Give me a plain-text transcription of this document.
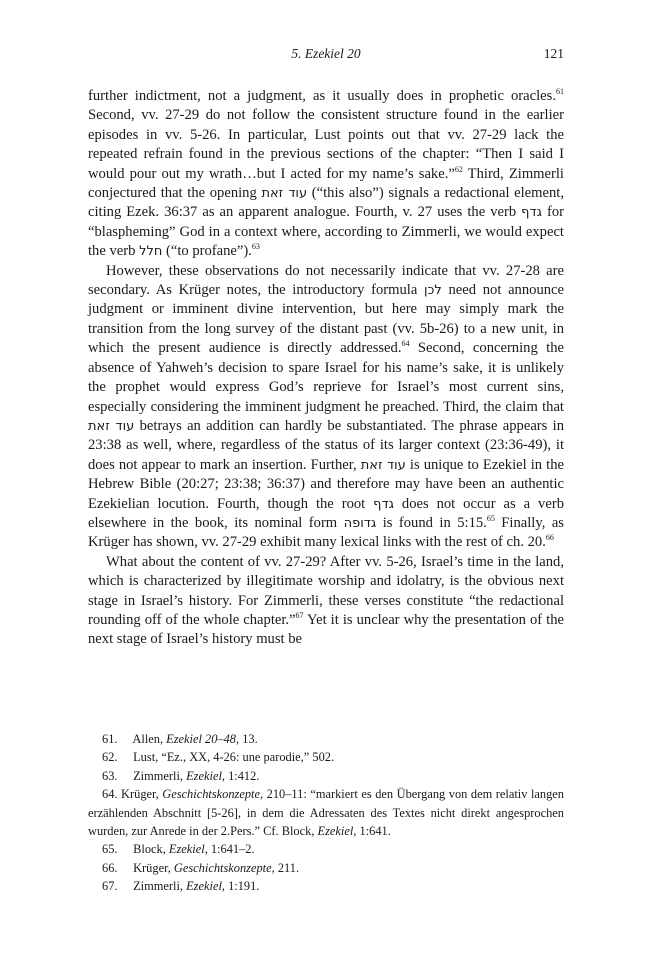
5. Ezekiel 20	121

further indictment, not a judgment, as it usually does in prophetic oracles.$^{61}$ Second, vv. 27-29 do not follow the consistent structure found in the earlier episodes in vv. 5-26. In particular, Lust points out that vv. 27-29 lack the repeated refrain found in the previous sections of the chapter: “Then I said I would pour out my wrath…but I acted for my name’s sake.”$^{62}$ Third, Zimmerli conjectured that the opening עוד זאת (“this also”) signals a redactional element, citing Ezek. 36:37 as an apparent analogue. Fourth, v. 27 uses the verb גדף for “blaspheming” God in a context where, according to Zimmerli, we would expect the verb חלל (“to profane”).$^{63}$

However, these observations do not necessarily indicate that vv. 27-28 are secondary. As Krüger notes, the introductory formula לכן need not announce judgment or imminent divine intervention, but here may simply mark the transition from the long survey of the distant past (vv. 5b-26) to a new unit, in which the present audience is directly addressed.$^{64}$ Second, concerning the absence of Yahweh’s decision to spare Israel for his name’s sake, it is unlikely the prophet would express God’s reprieve for Israel’s most current sins, especially considering the imminent judgment he preached. Third, the claim that עוד זאת betrays an addition can hardly be substantiated. The phrase appears in 23:38 as well, where, regardless of the status of its larger context (23:36-49), it does not appear to mark an insertion. Further, עוד זאת is unique to Ezekiel in the Hebrew Bible (20:27; 23:38; 36:37) and therefore may have been an authentic Ezekielian locution. Fourth, though the root גדף does not occur as a verb elsewhere in the book, its nominal form גדופה is found in 5:15.65 Finally, as Krüger has shown, vv. 27-29 exhibit many lexical links with the rest of ch. 20.66

What about the content of vv. 27-29? After vv. 5-26, Israel’s time in the land, which is characterized by illegitimate worship and idolatry, is the obvious next stage in Israel’s history. For Zimmerli, these verses constitute “the redactional rounding off of the whole chapter.”$^{67}$ Yet it is unclear why the presentation of the next stage of Israel’s history must be

61. Allen, Ezekiel 20–48, 13.
62. Lust, “Ez., XX, 4-26: une parodie,” 502.
63. Zimmerli, Ezekiel, 1:412.
64. Krüger, Geschichtskonzepte, 210–11: “markiert es den Übergang von dem relativ langen erzählenden Abschnitt [5-26], in dem die Adressaten des Textes nicht direkt angesprochen wurden, zur Anrede in der 2.Pers.” Cf. Block, Ezekiel, 1:641.
65. Block, Ezekiel, 1:641–2.
66. Krüger, Geschichtskonzepte, 211.
67. Zimmerli, Ezekiel, 1:191.
